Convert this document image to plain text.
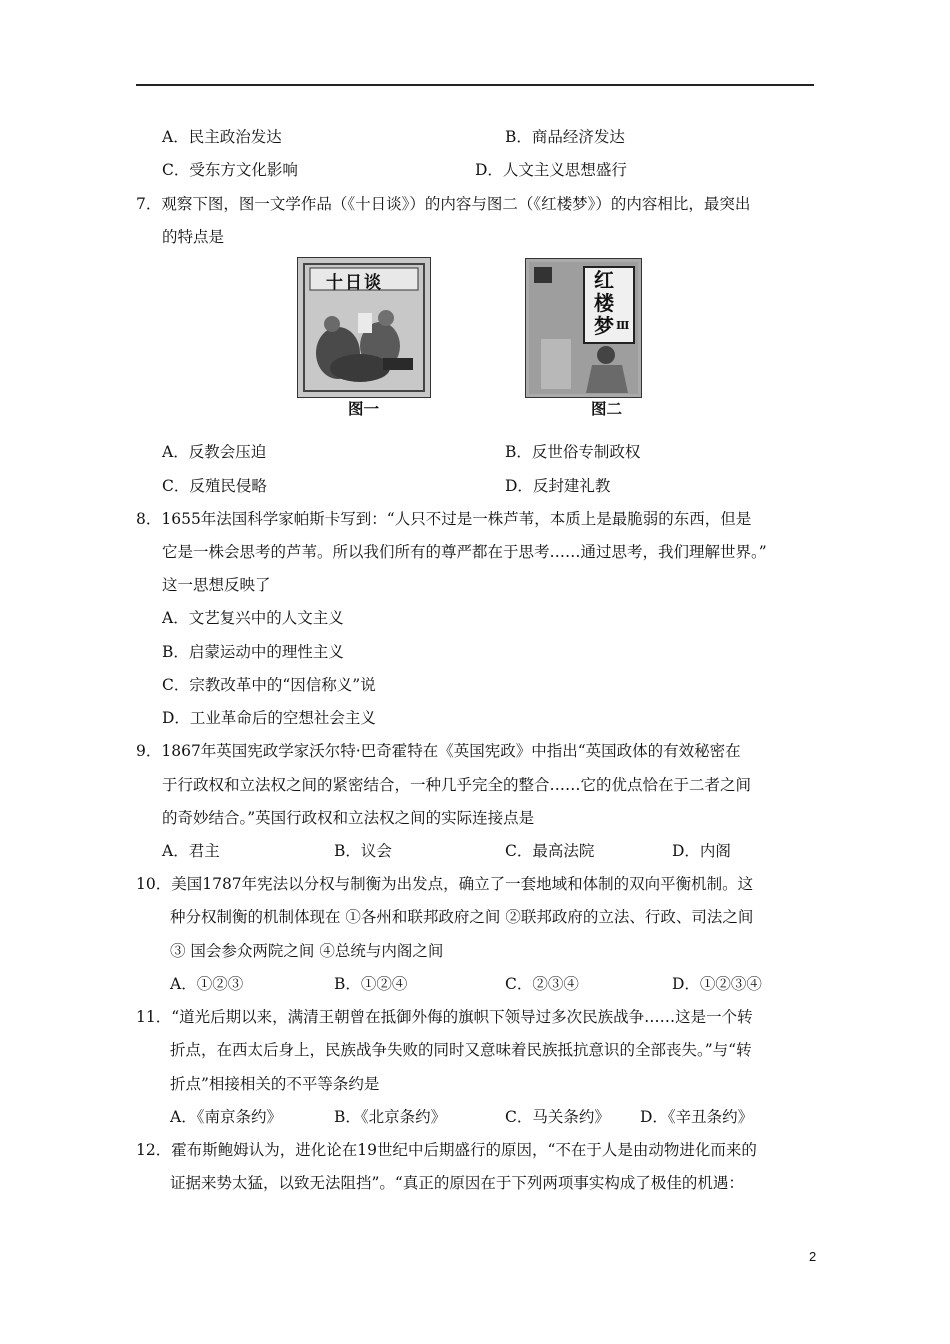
A．民主政治发达	B．商品经济发达
C．受东方文化影响	D．人文主义思想盛行
7．观察下图，图一文学作品（《十日谈》）的内容与图二（《红楼梦》）的内容相比，最突出
的特点是
十日谈
图一
红
楼
梦 Ⅲ
图二
A．反教会压迫	B．反世俗专制政权
C．反殖民侵略	D．反封建礼教
8．1655年法国科学家帕斯卡写到：“人只不过是一株芦苇，本质上是最脆弱的东西，但是
它是一株会思考的芦苇。所以我们所有的尊严都在于思考……通过思考，我们理解世界。”
这一思想反映了
A．文艺复兴中的人文主义
B．启蒙运动中的理性主义
C．宗教改革中的“因信称义”说
D．工业革命后的空想社会主义
9．1867年英国宪政学家沃尔特·巴奇霍特在《英国宪政》中指出“英国政体的有效秘密在
于行政权和立法权之间的紧密结合，一种几乎完全的整合……它的优点恰在于二者之间
的奇妙结合。”英国行政权和立法权之间的实际连接点是
A．君主	B．议会	C．最高法院	D．内阁
10．美国1787年宪法以分权与制衡为出发点，确立了一套地域和体制的双向平衡机制。这
种分权制衡的机制体现在 ①各州和联邦政府之间 ②联邦政府的立法、行政、司法之间
③ 国会参众两院之间 ④总统与内阁之间
A．①②③	B．①②④	C．②③④	D．①②③④
11．“道光后期以来，满清王朝曾在抵御外侮的旗帜下领导过多次民族战争……这是一个转
折点，在西太后身上，民族战争失败的同时又意味着民族抵抗意识的全部丧失。”与“转
折点”相接相关的不平等条约是
A．《南京条约》	B．《北京条约》	C．马关条约》 D．《辛丑条约》
12．霍布斯鲍姆认为，进化论在19世纪中后期盛行的原因，“不在于人是由动物进化而来的
证据来势太猛，以致无法阻挡”。“真正的原因在于下列两项事实构成了极佳的机遇：
2
